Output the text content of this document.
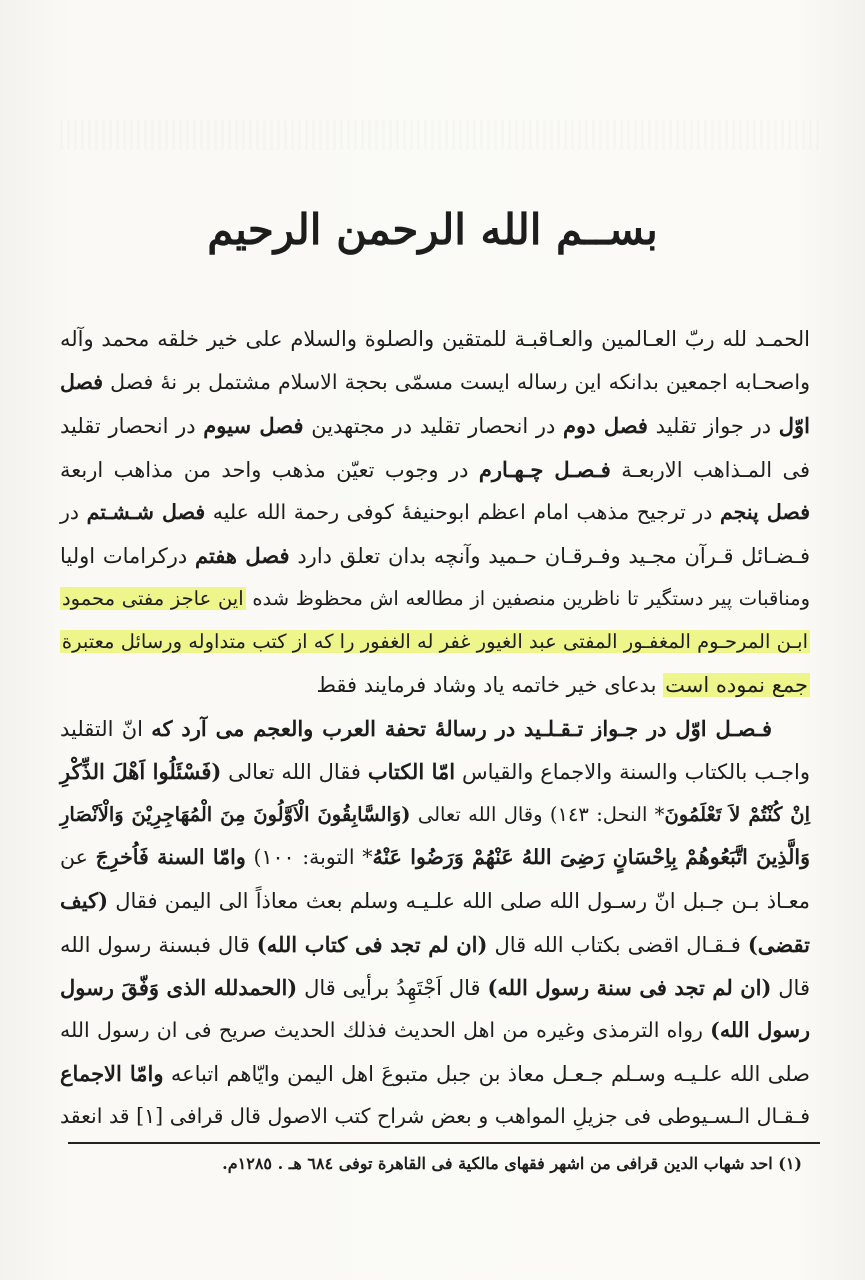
بســم الله الرحمن الرحيم
الحمـد لله ربّ العـالمين والعـاقبـة للمتقين والصلوة والسلام على خير خلقه محمد وآله
واصحـابه اجمعين بدانكه اين رساله ايست مسمّی بحجة الاسلام مشتمل بر نهٔ فصل فصل
اوّل در جواز تقليد فصل دوم در انحصار تقليد در مجتهدين فصل سيوم در انحصار تقليد
فی المـذاهب الاربعـة فـصـل چـهـارم در وجوب تعيّن مذهب واحد من مذاهب اربعة
فصل پنجم در ترجيح مذهب امام اعظم ابوحنيفهٔ کوفی رحمة الله عليه فصل شـشـتم در
فـضـائل قـرآن مجـيد وفـرقـان حـميد وآنچه بدان تعلق دارد فصل هفتم درکرامات اوليا
ومناقبات پير دستگير تا ناظرين منصفين از مطالعه اش محظوظ شده اين عاجز مفتی محمود
ابـن المرحـوم المغفـور المفتی عبد الغيور غفر له الغفور را که از کتب متداوله ورسائل معتبرة
جمع نموده است بدعای خير خاتمه ياد وشاد فرمايند فقط
فـصـل اوّل در جـواز تـقـلـيد در رسالهٔ تحفة العرب والعجم می آرد که انّ التقليد
واجـب بالکتاب والسنة والاجماع والقياس امّا الکتاب فقال الله تعالی (فَسْئَلُوا اَهْلَ الذِّکْرِ
اِنْ کُنْتُمْ لاَ تَعْلَمُونَ* النحل: ١٤٣) وقال الله تعالی (وَالسَّابِقُونَ الْاَوَّلُونَ مِنَ الْمُهَاجِرِيْنَ وَالْاَنْصَارِ
وَالَّذِينَ اتَّبَعُوهُمْ بِاِحْسَانٍ رَضِیَ اللهُ عَنْهُمْ وَرَضُوا عَنْهُ* التوبة: ١٠٠) وامّا السنة فَاُخرِجَ عن
معـاذ بـن جـبل انّ رسـول الله صلی الله علـيـه وسلم بعث معاذاً الی اليمن فقال (کيف
تقضی) فـقـال اقضی بکتاب الله قال (ان لم تجد فی کتاب الله) قال فبسنة رسول الله
قال (ان لم تجد فی سنة رسول الله) قال اَجْتَهِدُ برأيی قال (الحمدلله الذی وَفّقَ رسول
رسول الله) رواه الترمذی وغيره من اهل الحديث فذلك الحديث صريح فی ان رسول الله
صلی الله علـيـه وسـلم جـعـل معاذ بن جبل متبوعَ اهل اليمن وايّاهم اتباعه وامّا الاجماع
فـقـال الـسـيوطی فی جزيلِ المواهب و بعض شراح کتب الاصول قال قرافی [١] قد انعقد
(١) احد شهاب الدين قرافی من اشهر فقهای مالکية فی القاهرة توفی ٦٨٤ هـ . ١٢٨٥م.
